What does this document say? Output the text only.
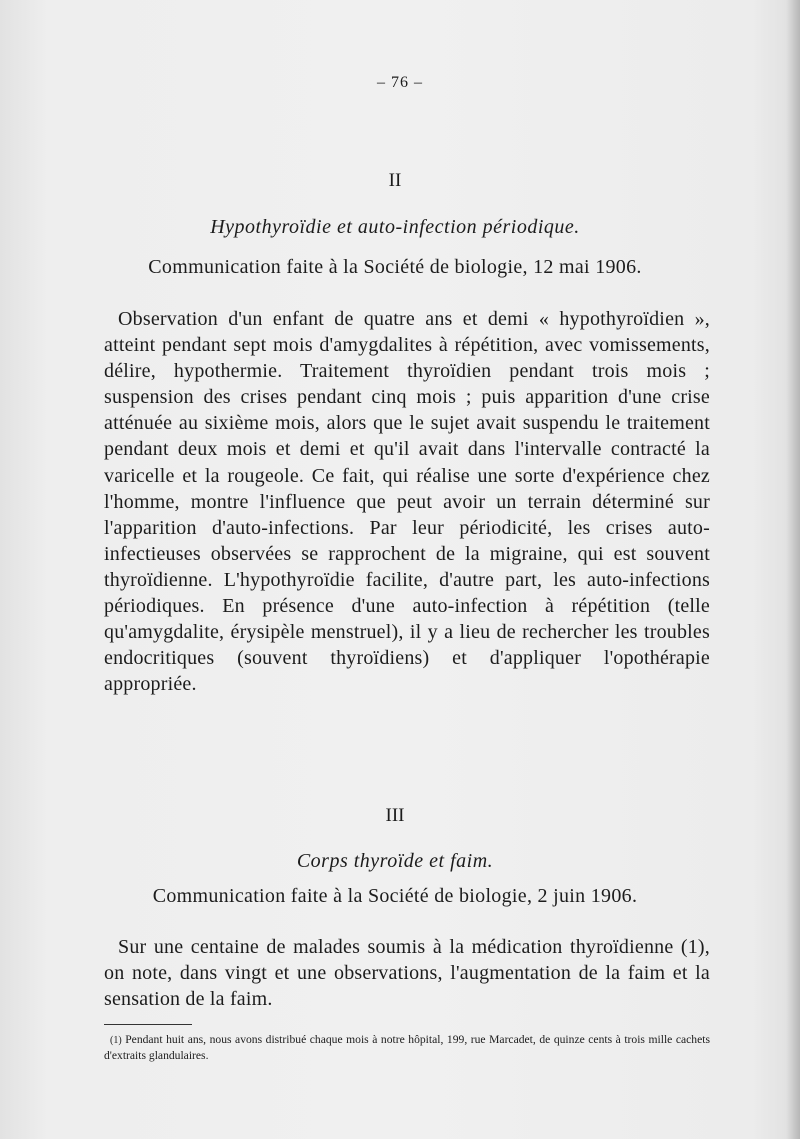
– 76 –
II
Hypothyroïdie et auto-infection périodique.
Communication faite à la Société de biologie, 12 mai 1906.
Observation d'un enfant de quatre ans et demi « hypothyroïdien », atteint pendant sept mois d'amygdalites à répétition, avec vomissements, délire, hypothermie. Traitement thyroïdien pendant trois mois ; suspension des crises pendant cinq mois ; puis apparition d'une crise atténuée au sixième mois, alors que le sujet avait suspendu le traitement pendant deux mois et demi et qu'il avait dans l'intervalle contracté la varicelle et la rougeole. Ce fait, qui réalise une sorte d'expérience chez l'homme, montre l'influence que peut avoir un terrain déterminé sur l'apparition d'auto-infections. Par leur périodicité, les crises auto-infectieuses observées se rapprochent de la migraine, qui est souvent thyroïdienne. L'hypothyroïdie facilite, d'autre part, les auto-infections périodiques. En présence d'une auto-infection à répétition (telle qu'amygdalite, érysipèle menstruel), il y a lieu de rechercher les troubles endocritiques (souvent thyroïdiens) et d'appliquer l'opothérapie appropriée.
III
Corps thyroïde et faim.
Communication faite à la Société de biologie, 2 juin 1906.
Sur une centaine de malades soumis à la médication thyroïdienne (1), on note, dans vingt et une observations, l'augmentation de la faim et la sensation de la faim.
(1) Pendant huit ans, nous avons distribué chaque mois à notre hôpital, 199, rue Marcadet, de quinze cents à trois mille cachets d'extraits glandulaires.
